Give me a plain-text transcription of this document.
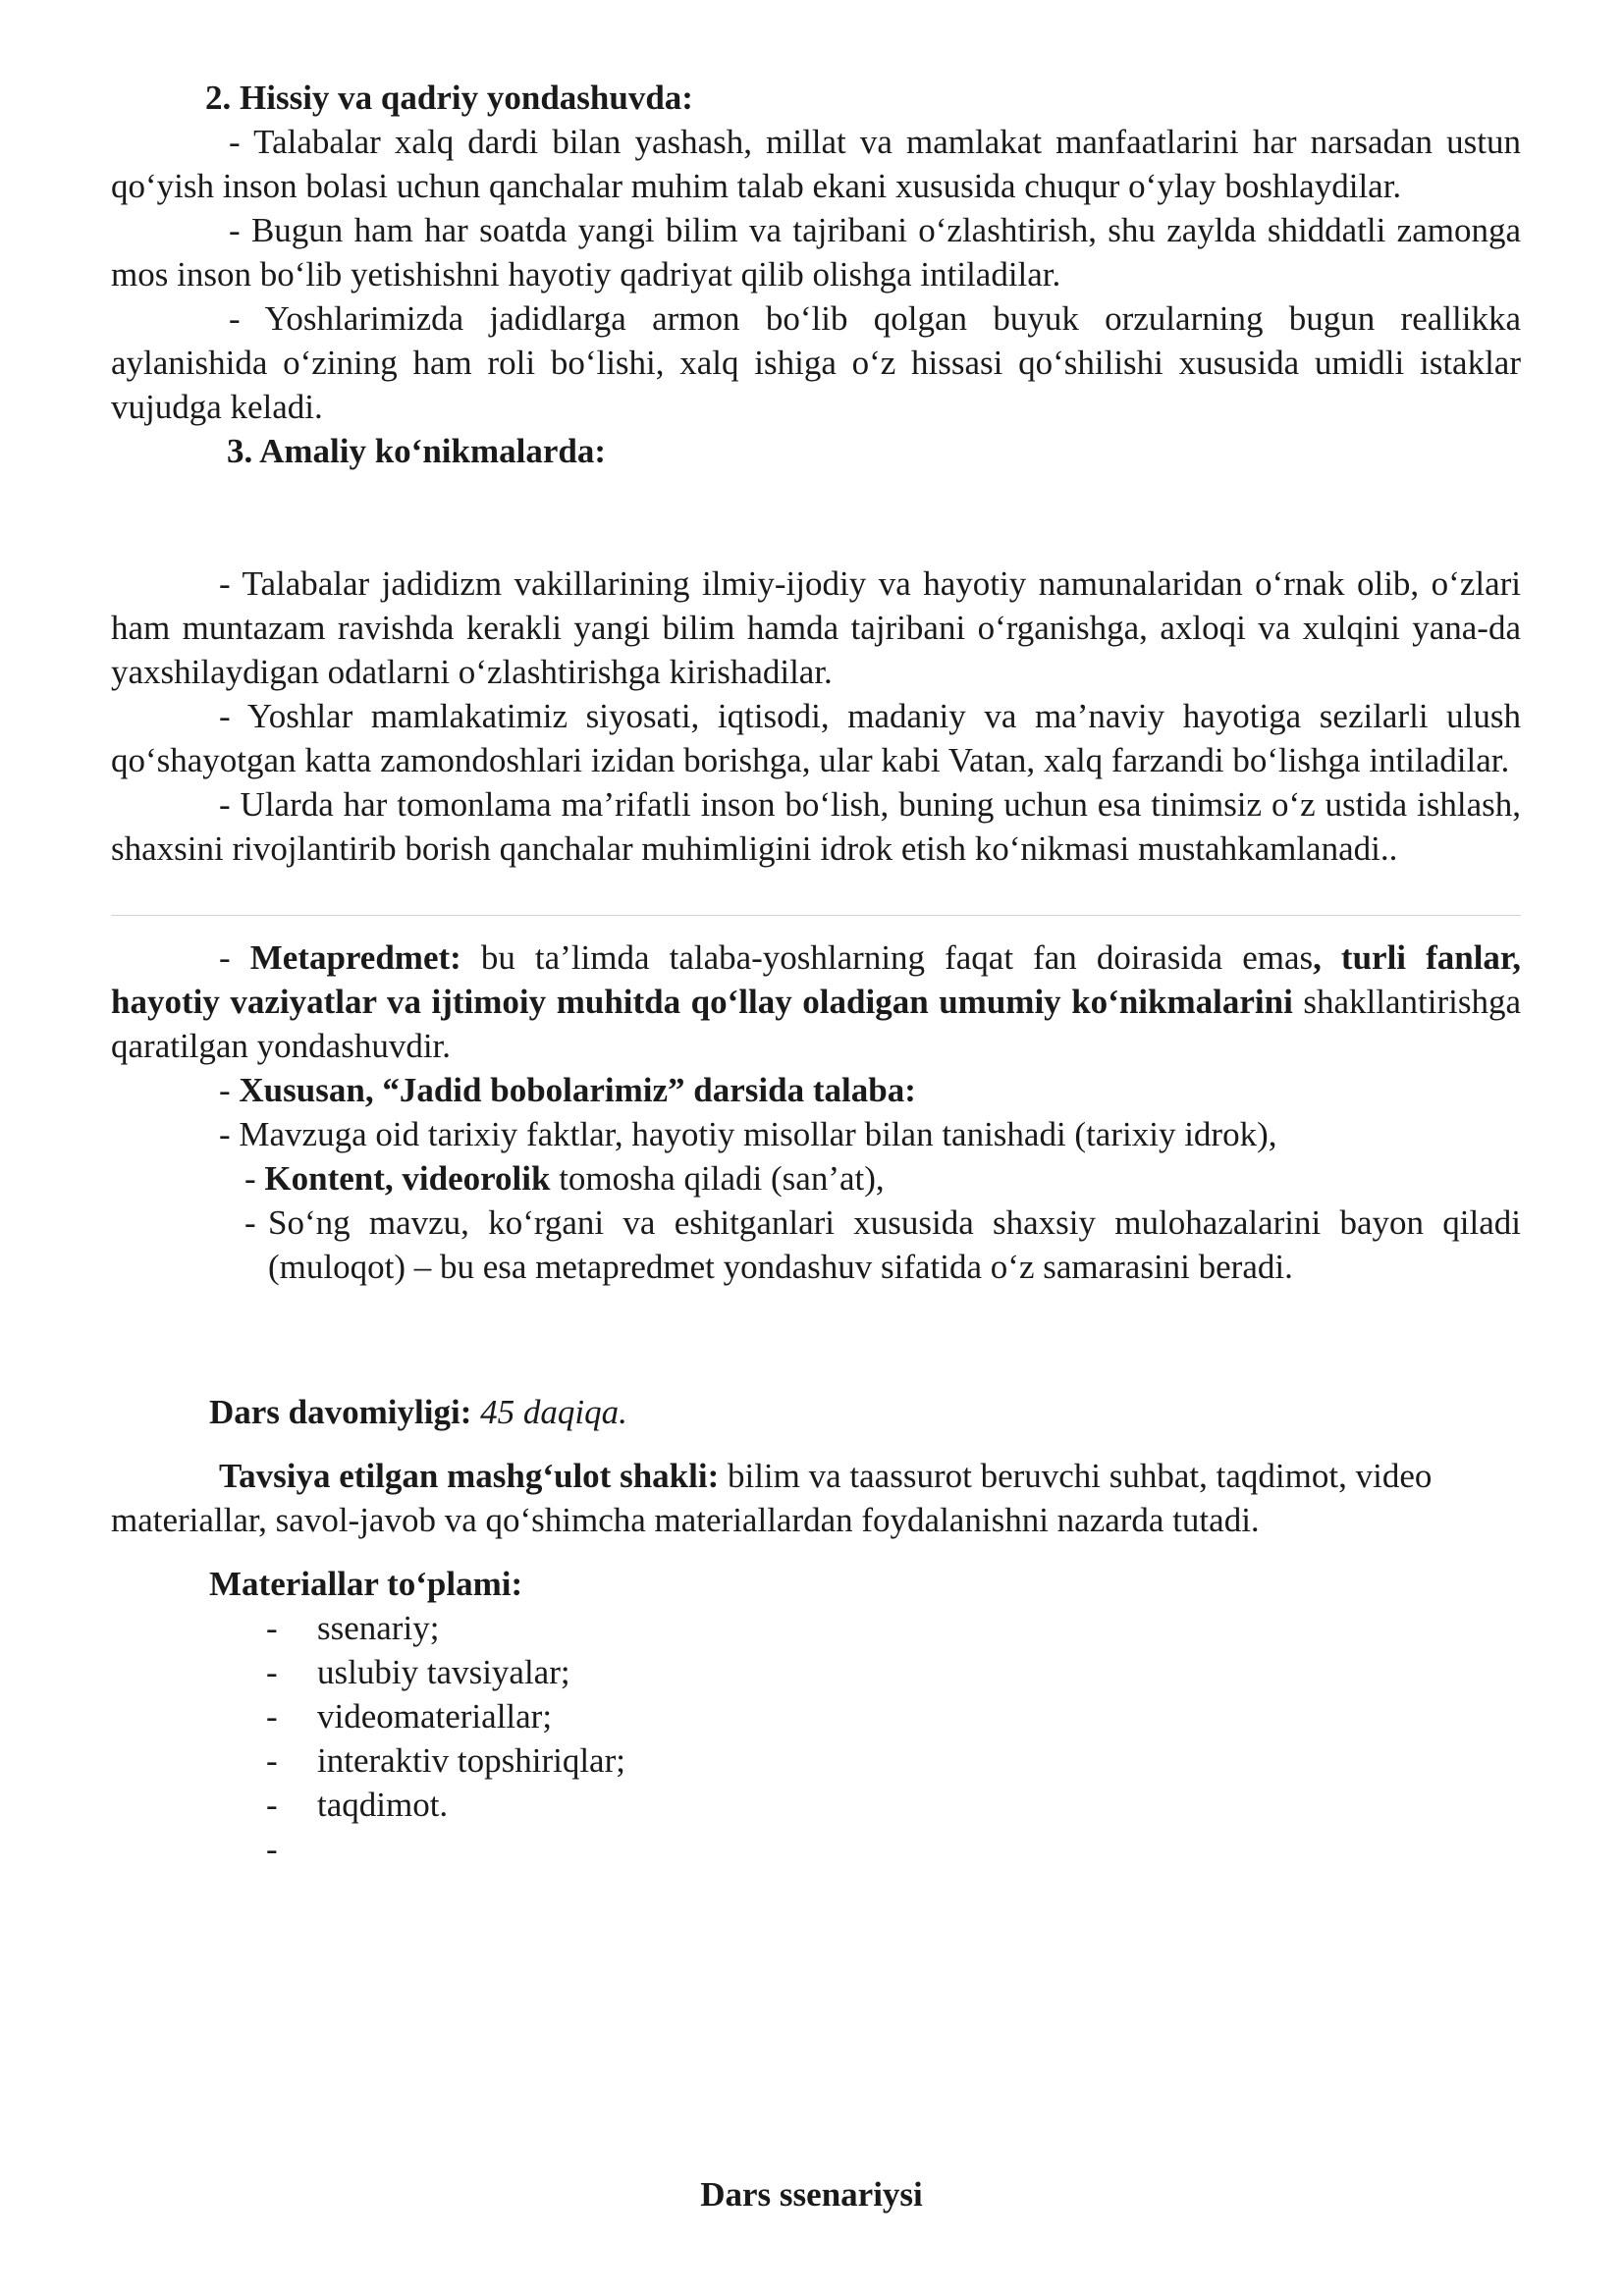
2. Hissiy va qadriy yondashuvda:

- Talabalar xalq dardi bilan yashash, millat va mamlakat manfaatlarini har narsadan ustun qo‘yish inson bolasi uchun qanchalar muhim talab ekani xususida chuqur o‘ylay boshlaydilar.

- Bugun ham har soatda yangi bilim va tajribani o‘zlashtirish, shu zaylda shiddatli zamonga mos inson bo‘lib yetishishni hayotiy qadriyat qilib olishga intiladilar.

- Yoshlarimizda jadidlarga armon bo‘lib qolgan buyuk orzularning bugun reallikka aylanishida o‘zining ham roli bo‘lishi, xalq ishiga o‘z hissasi qo‘shilishi xususida umidli istaklar vujudga keladi.

3. Amaliy ko‘nikmalarda:

- Talabalar jadidizm vakillarining ilmiy-ijodiy va hayotiy namunalaridan o‘rnak olib, o‘zlari ham muntazam ravishda kerakli yangi bilim hamda tajribani o‘rganishga, axloqi va xulqini yana-da yaxshilaydigan odatlarni o‘zlashtirishga kirishadilar.

- Yoshlar mamlakatimiz siyosati, iqtisodi, madaniy va ma’naviy hayotiga sezilarli ulush qo‘shayotgan katta zamondoshlari izidan borishga, ular kabi Vatan, xalq farzandi bo‘lishga intiladilar.

- Ularda har tomonlama ma’rifatli inson bo‘lish, buning uchun esa tinimsiz o‘z ustida ishlash, shaxsini rivojlantirib borish qanchalar muhimligini idrok etish ko‘nikmasi mustahkamlanadi..

- Metapredmet: bu ta’limda talaba-yoshlarning faqat fan doirasida emas, turli fanlar, hayotiy vaziyatlar va ijtimoiy muhitda qo‘llay oladigan umumiy ko‘nikmalarini shakllantirishga qaratilgan yondashuvdir.

- Xususan, “Jadid bobolarimiz” darsida talaba:

- Mavzuga oid tarixiy faktlar, hayotiy misollar bilan tanishadi (tarixiy idrok),

- Kontent, videorolik tomosha qiladi (san’at),

- So‘ng mavzu, ko‘rgani va eshitganlari xususida shaxsiy mulohazalarini bayon qiladi (muloqot) – bu esa metapredmet yondashuv sifatida o‘z samarasini beradi.

Dars davomiyligi: 45 daqiqa.

Tavsiya etilgan mashg‘ulot shakli: bilim va taassurot beruvchi suhbat, taqdimot, video materiallar, savol-javob va qo‘shimcha materiallardan foydalanishni nazarda tutadi.

Materiallar to‘plami:

-	ssenariy;
-	uslubiy tavsiyalar;
-	videomateriallar;
-	interaktiv topshiriqlar;
-	taqdimot.
-

Dars ssenariysi
